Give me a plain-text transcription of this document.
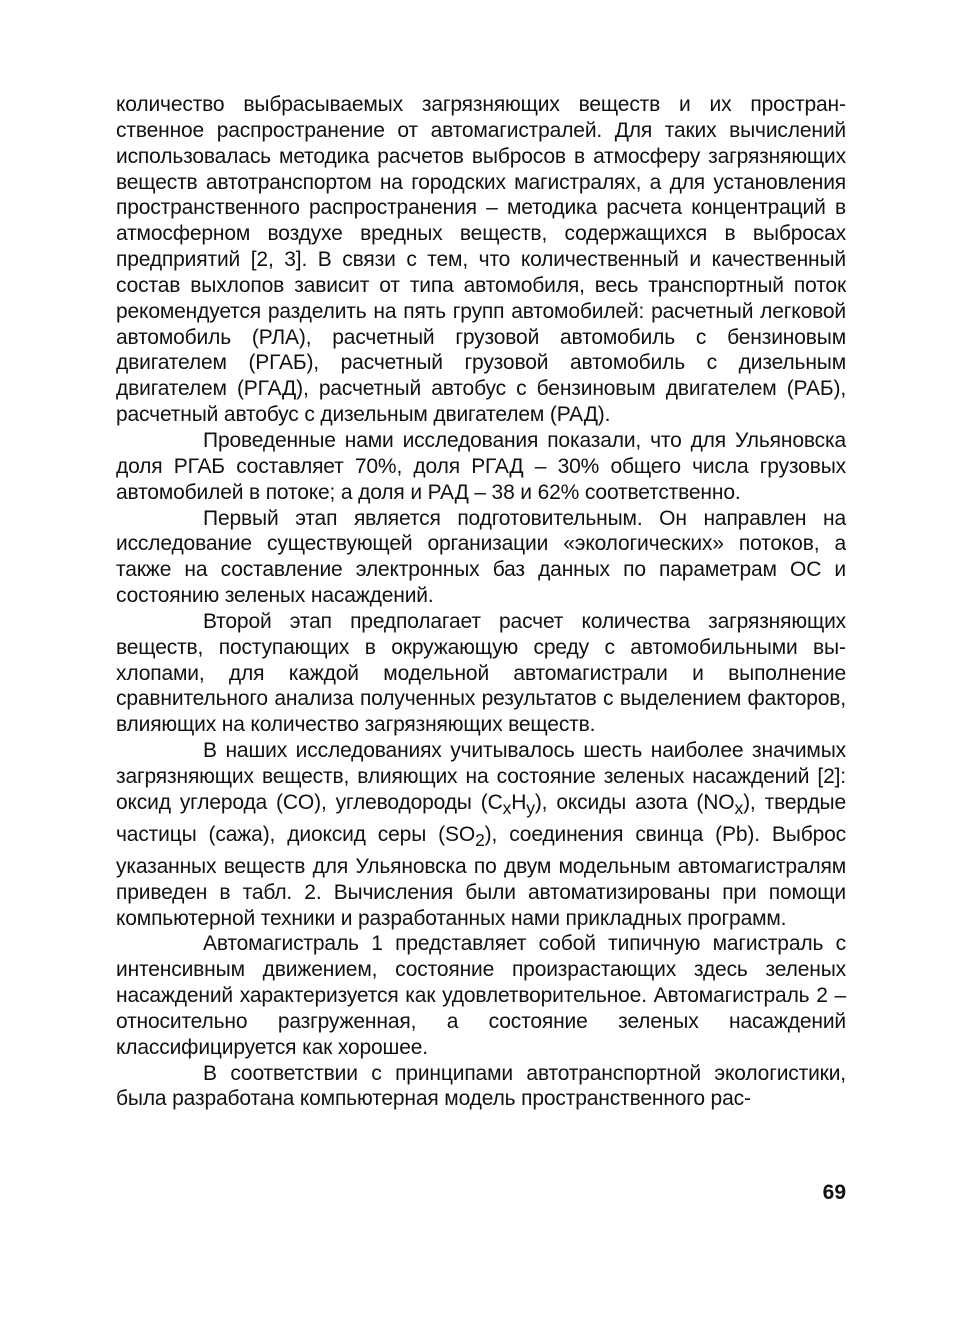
количество выбрасываемых загрязняющих веществ и их пространственное распространение от автомагистралей. Для таких вычислений использовалась методика расчетов выбросов в атмосферу загрязняющих веществ автотранспортом на городских магистралях, а для установления пространственного распространения – методика расчета концентраций в атмосферном воздухе вредных веществ, содержащихся в выбросах предприятий [2, 3]. В связи с тем, что количественный и качественный состав выхлопов зависит от типа автомобиля, весь транспортный поток рекомендуется разделить на пять групп автомобилей: расчетный легковой автомобиль (РЛА), расчетный грузовой автомобиль с бензиновым двигателем (РГАБ), расчетный грузовой автомобиль с дизельным двигателем (РГАД), расчетный автобус с бензиновым двигателем (РАБ), расчетный автобус с дизельным двигателем (РАД).

Проведенные нами исследования показали, что для Ульяновска доля РГАБ составляет 70%, доля РГАД – 30% общего числа грузовых автомобилей в потоке; а доля и РАД – 38 и 62% соответственно.

Первый этап является подготовительным. Он направлен на исследование существующей организации «экологических» потоков, а также на составление электронных баз данных по параметрам ОС и состоянию зеленых насаждений.

Второй этап предполагает расчет количества загрязняющих веществ, поступающих в окружающую среду с автомобильными выхлопами, для каждой модельной автомагистрали и выполнение сравнительного анализа полученных результатов с выделением факторов, влияющих на количество загрязняющих веществ.

В наших исследованиях учитывалось шесть наиболее значимых загрязняющих веществ, влияющих на состояние зеленых насаждений [2]: оксид углерода (CO), углеводороды $(C_xH_y)$, оксиды азота $(NO_x)$, твердые частицы (сажа), диоксид серы $(SO_2)$, соединения свинца (Pb). Выброс указанных веществ для Ульяновска по двум модельным автомагистралям приведен в табл. 2. Вычисления были автоматизированы при помощи компьютерной техники и разработанных нами прикладных программ.

Автомагистраль 1 представляет собой типичную магистраль с интенсивным движением, состояние произрастающих здесь зеленых насаждений характеризуется как удовлетворительное. Автомагистраль 2 – относительно разгруженная, а состояние зеленых насаждений классифицируется как хорошее.

В соответствии с принципами автотранспортной экологистики, была разработана компьютерная модель пространственного рас-

69
